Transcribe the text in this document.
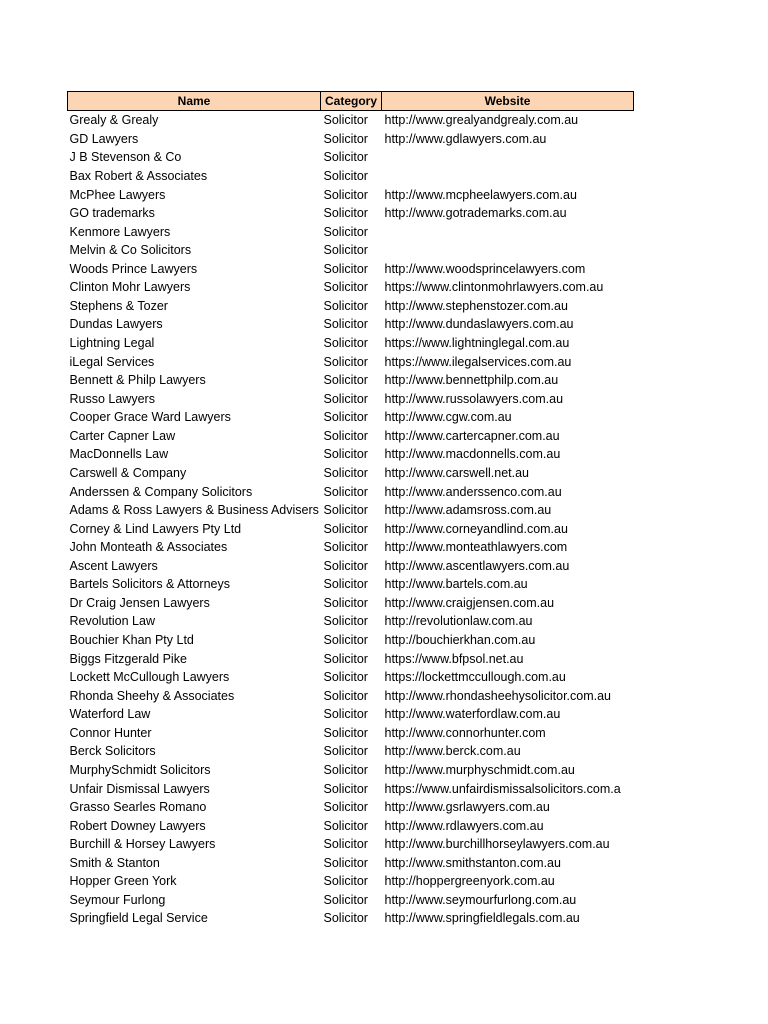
Name	Category	Website
Grealy & Grealy	Solicitor	http://www.grealyandgrealy.com.au
GD Lawyers	Solicitor	http://www.gdlawyers.com.au
J B Stevenson & Co	Solicitor	
Bax Robert & Associates	Solicitor	
McPhee Lawyers	Solicitor	http://www.mcpheelawyers.com.au
GO trademarks	Solicitor	http://www.gotrademarks.com.au
Kenmore Lawyers	Solicitor	
Melvin & Co Solicitors	Solicitor	
Woods Prince Lawyers	Solicitor	http://www.woodsprincelawyers.com
Clinton Mohr Lawyers	Solicitor	https://www.clintonmohrlawyers.com.au
Stephens & Tozer	Solicitor	http://www.stephenstozer.com.au
Dundas Lawyers	Solicitor	http://www.dundaslawyers.com.au
Lightning Legal	Solicitor	https://www.lightninglegal.com.au
iLegal Services	Solicitor	https://www.ilegalservices.com.au
Bennett & Philp Lawyers	Solicitor	http://www.bennettphilp.com.au
Russo Lawyers	Solicitor	http://www.russolawyers.com.au
Cooper Grace Ward Lawyers	Solicitor	http://www.cgw.com.au
Carter Capner Law	Solicitor	http://www.cartercapner.com.au
MacDonnells Law	Solicitor	http://www.macdonnells.com.au
Carswell & Company	Solicitor	http://www.carswell.net.au
Anderssen & Company Solicitors	Solicitor	http://www.anderssenco.com.au
Adams & Ross Lawyers & Business Advisers	Solicitor	http://www.adamsross.com.au
Corney & Lind Lawyers Pty Ltd	Solicitor	http://www.corneyandlind.com.au
John Monteath & Associates	Solicitor	http://www.monteathlawyers.com
Ascent Lawyers	Solicitor	http://www.ascentlawyers.com.au
Bartels Solicitors & Attorneys	Solicitor	http://www.bartels.com.au
Dr Craig Jensen Lawyers	Solicitor	http://www.craigjensen.com.au
Revolution Law	Solicitor	http://revolutionlaw.com.au
Bouchier Khan Pty Ltd	Solicitor	http://bouchierkhan.com.au
Biggs Fitzgerald Pike	Solicitor	https://www.bfpsol.net.au
Lockett McCullough Lawyers	Solicitor	https://lockettmccullough.com.au
Rhonda Sheehy & Associates	Solicitor	http://www.rhondasheehysolicitor.com.au
Waterford Law	Solicitor	http://www.waterfordlaw.com.au
Connor Hunter	Solicitor	http://www.connorhunter.com
Berck Solicitors	Solicitor	http://www.berck.com.au
MurphySchmidt Solicitors	Solicitor	http://www.murphyschmidt.com.au
Unfair Dismissal Lawyers	Solicitor	https://www.unfairdismissalsolicitors.com.a
Grasso Searles Romano	Solicitor	http://www.gsrlawyers.com.au
Robert Downey Lawyers	Solicitor	http://www.rdlawyers.com.au
Burchill & Horsey Lawyers	Solicitor	http://www.burchillhorseylawyers.com.au
Smith & Stanton	Solicitor	http://www.smithstanton.com.au
Hopper Green York	Solicitor	http://hoppergreenyork.com.au
Seymour Furlong	Solicitor	http://www.seymourfurlong.com.au
Springfield Legal Service	Solicitor	http://www.springfieldlegals.com.au
